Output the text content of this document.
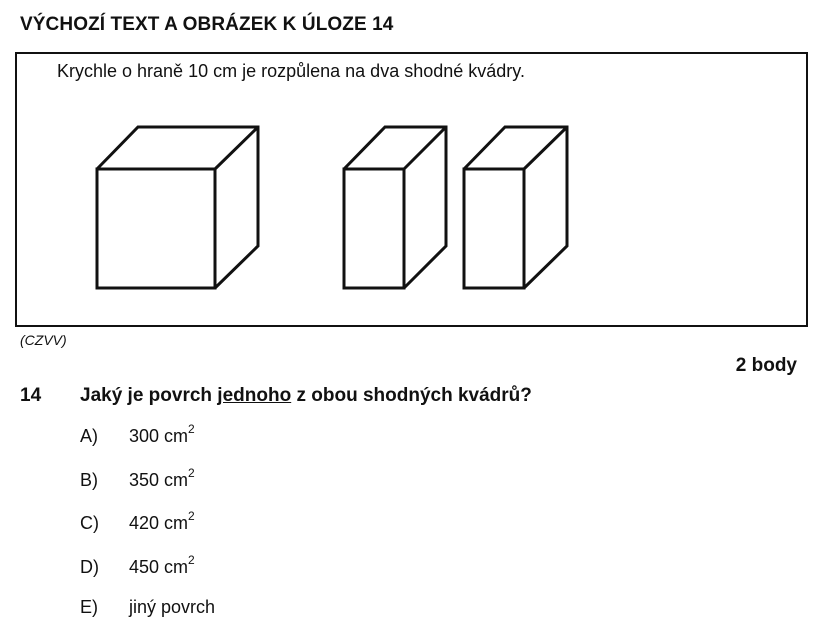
VÝCHOZÍ TEXT A OBRÁZEK K ÚLOZE 14
Krychle o hraně 10 cm je rozpůlena na dva shodné kvádry.
(CZVV)
2 body
14 Jaký je povrch jednoho z obou shodných kvádrů?
A) 300 $cm^2$
B) 350 $cm^2$
C) 420 $cm^2$
D) 450 $cm^2$
E) jiný povrch
